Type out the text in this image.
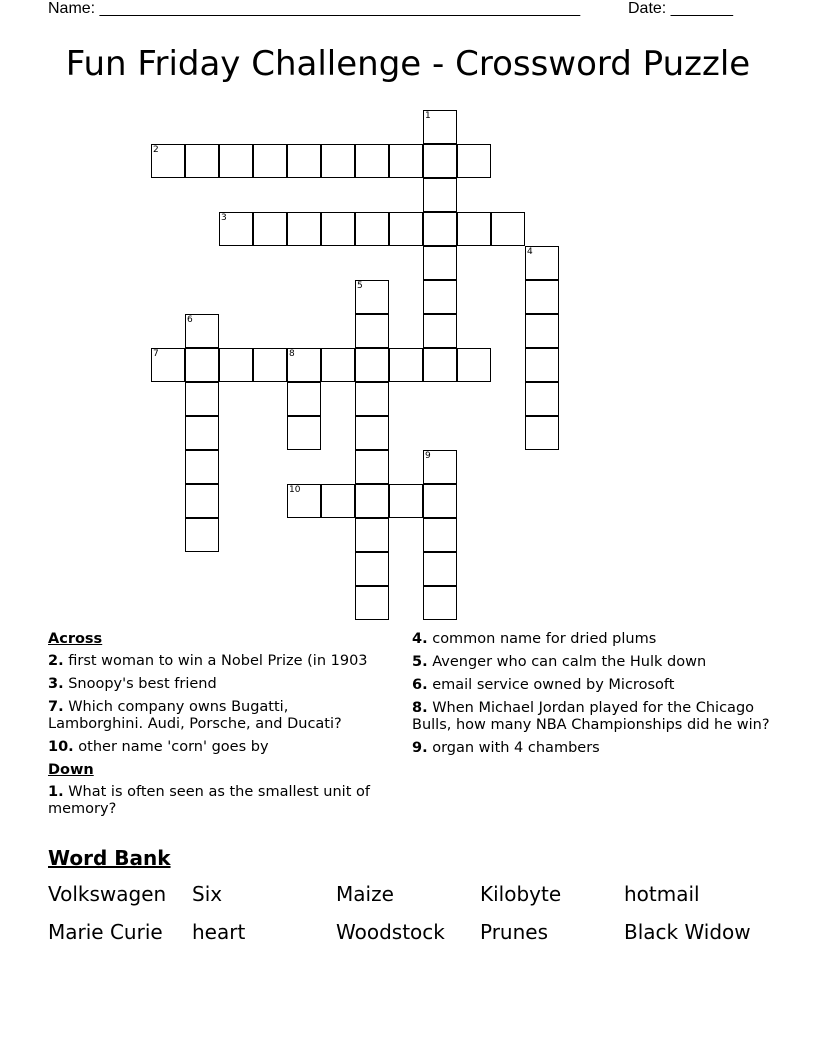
Name: ______________________________________________________	Date: _______
Fun Friday Challenge - Crossword Puzzle
1
2
3
4
5
6
7	8
9
10
Across
2. first woman to win a Nobel Prize (in 1903
3. Snoopy's best friend
7. Which company owns Bugatti, Lamborghini. Audi, Porsche, and Ducati?
10. other name 'corn' goes by
Down
1. What is often seen as the smallest unit of memory?
4. common name for dried plums
5. Avenger who can calm the Hulk down
6. email service owned by Microsoft
8. When Michael Jordan played for the Chicago Bulls, how many NBA Championships did he win?
9. organ with 4 chambers
Word Bank
Volkswagen	Six	Maize	Kilobyte	hotmail
Marie Curie	heart	Woodstock	Prunes	Black Widow
